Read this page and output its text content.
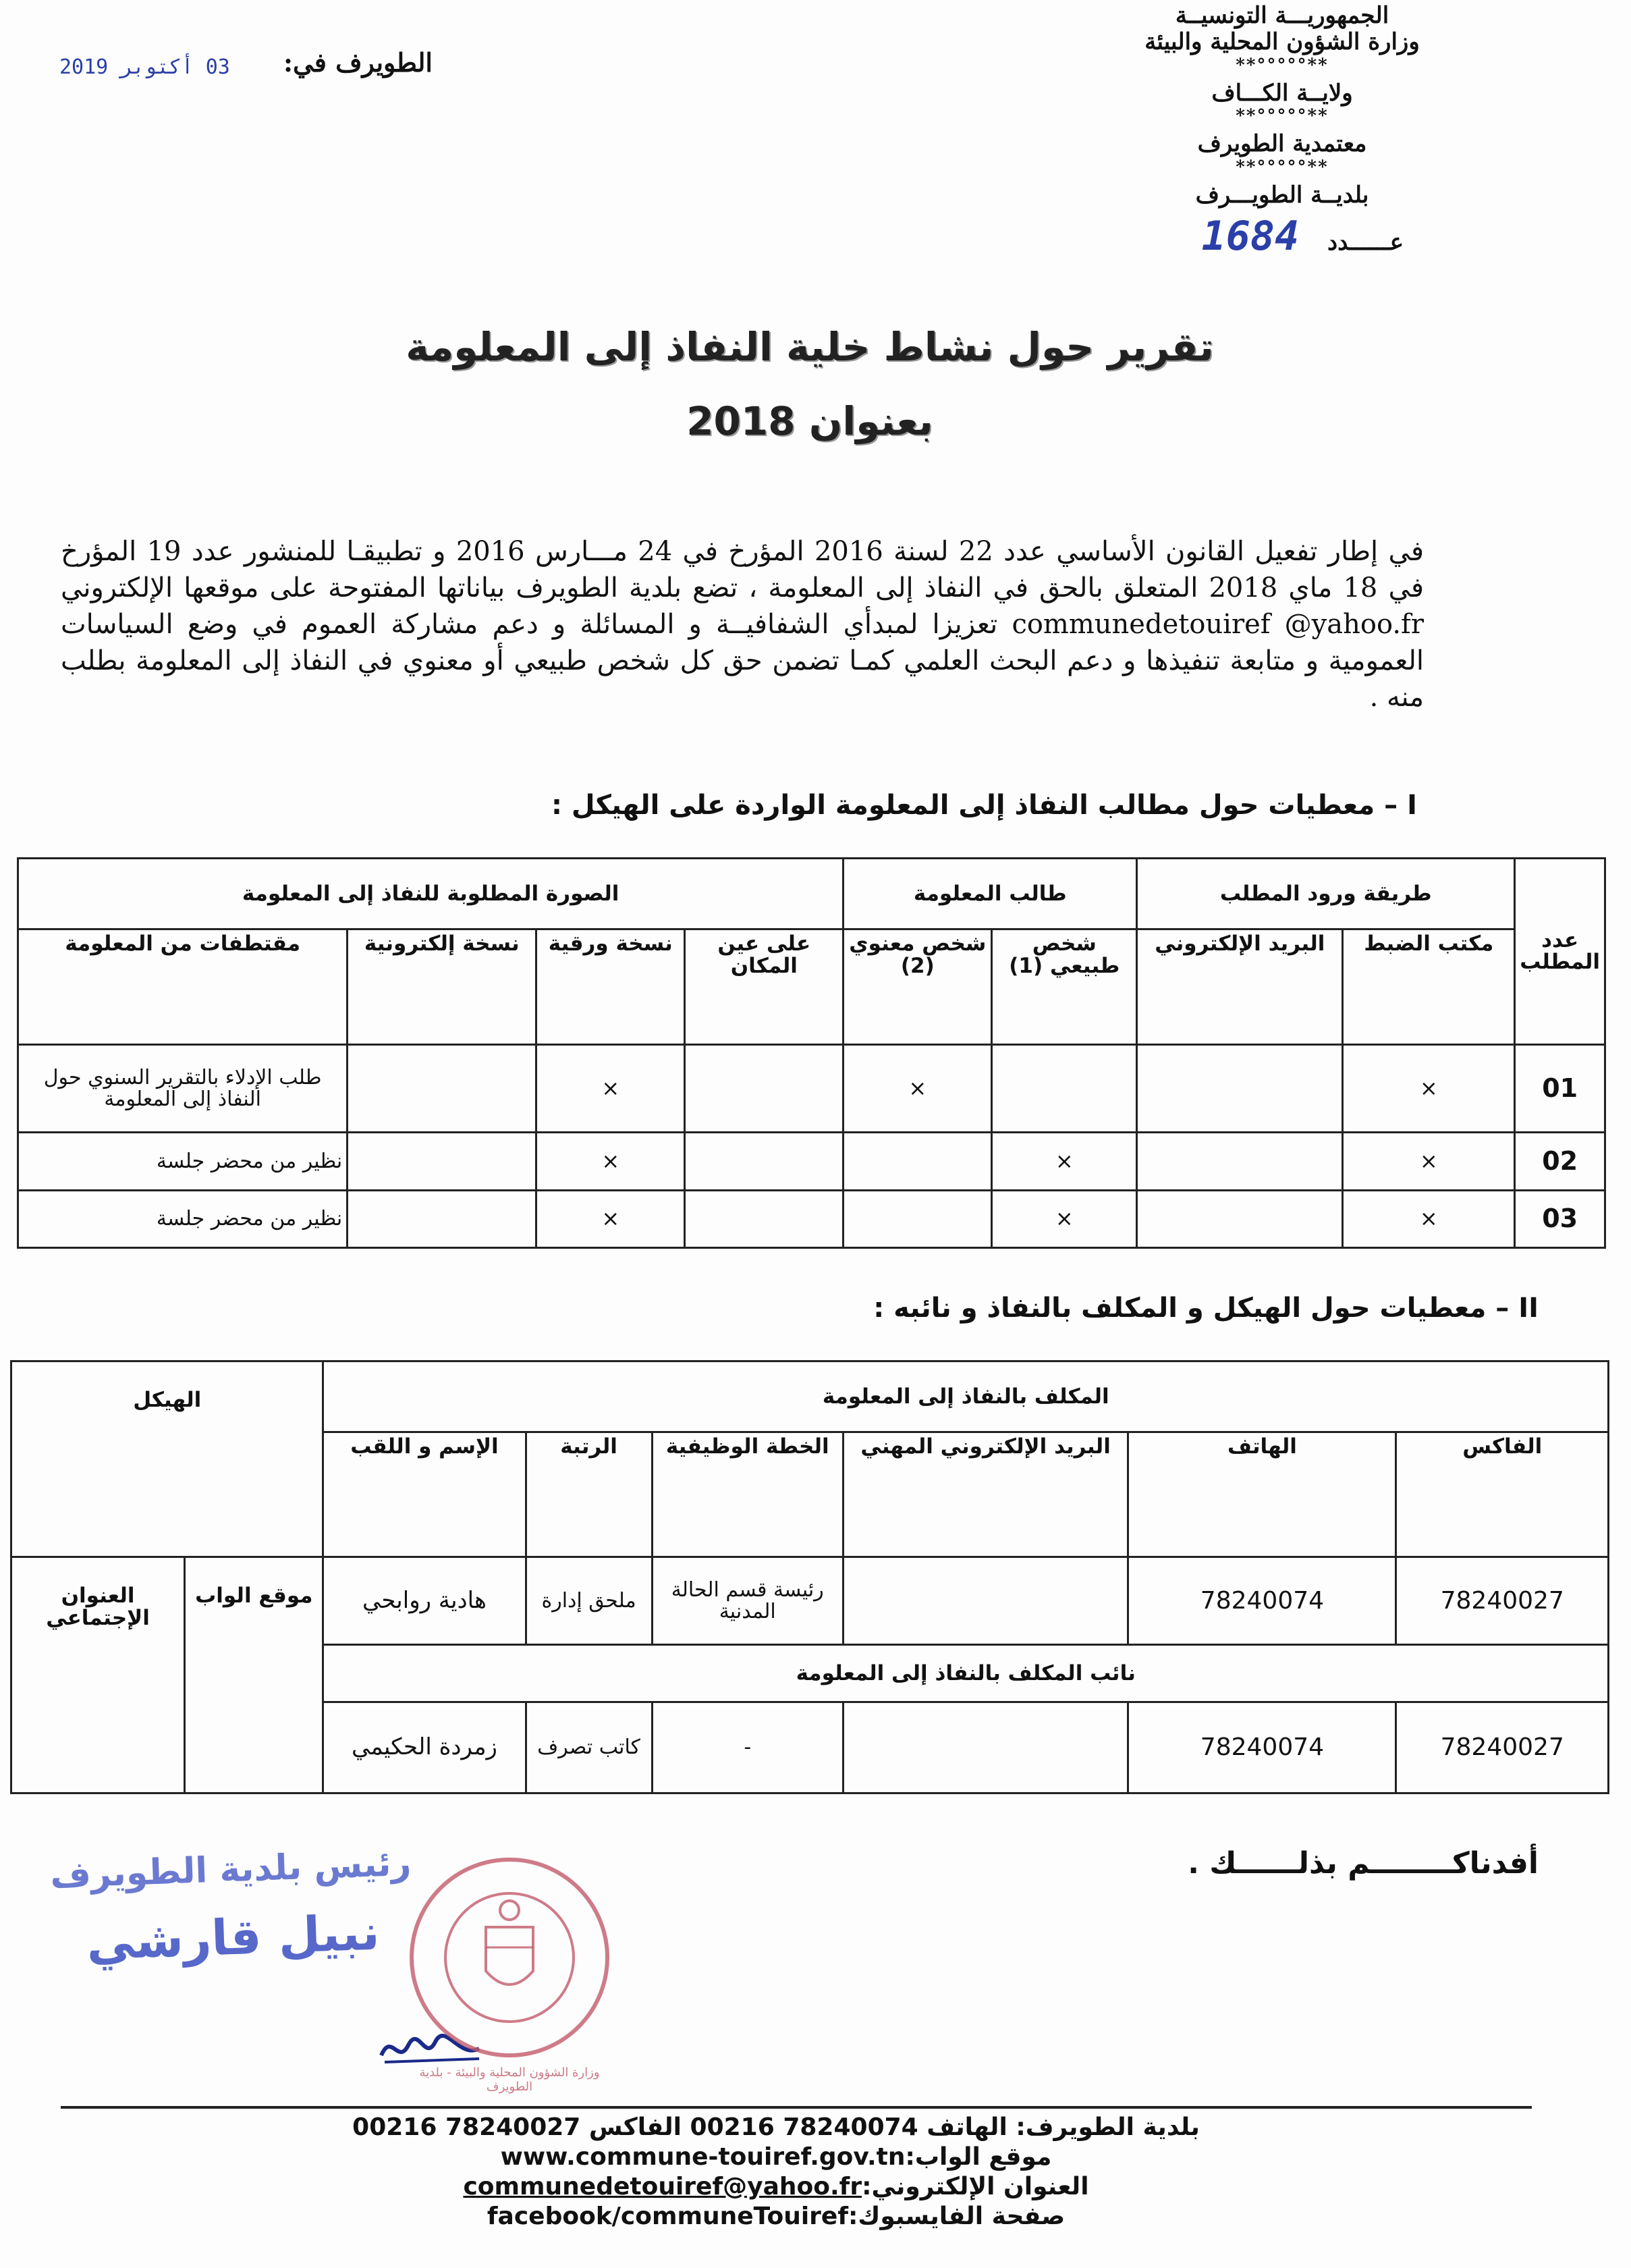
الجمهوريـــة التونسيــة
وزارة الشؤون المحلية والبيئة
**°°°°°**
ولايــة الكـــاف
**°°°°°**
معتمدية الطويرف
**°°°°°**
بلديــة الطويـــرف
عــــــدد 1684
03 أكتوبر 2019 الطويرف في:
تقرير حول نشاط خلية النفاذ إلى المعلومة
بعنوان 2018
في إطار تفعيل القانون الأساسي عدد 22 لسنة 2016 المؤرخ في 24 مـــارس 2016 و تطبيقـا للمنشور عدد 19 المؤرخ في 18 ماي 2018 المتعلق بالحق في النفاذ إلى المعلومة ، تضع بلدية الطويرف بياناتها المفتوحة على موقعها الإلكتروني communedetouiref @yahoo.fr تعزيزا لمبدأي الشفافيــة و المسائلة و دعم مشاركة العموم في وضع السياسات العمومية و متابعة تنفيذها و دعم البحث العلمي كمـا تضمن حق كل شخص طبيعي أو معنوي في النفاذ إلى المعلومة بطلب منه .
I – معطيات حول مطالب النفاذ إلى المعلومة الواردة على الهيكل :
عدد المطلب	طريقة ورود المطلب		طالب المعلومة		الصورة المطلوبة للنفاذ إلى المعلومة			
	مكتب الضبط	البريد الإلكتروني	شخص طبيعي (1)	شخص معنوي (2)	على عين المكان	نسخة ورقية	نسخة إلكترونية	مقتطفات من المعلومة
01	×			×		×		طلب الإدلاء بالتقرير السنوي حول النفاذ إلى المعلومة
02	×		×			×		نظير من محضر جلسة
03	×		×			×		نظير من محضر جلسة
II – معطيات حول الهيكل و المكلف بالنفاذ و نائبه :
المكلف بالنفاذ إلى المعلومة						الهيكل	
الفاكس	الهاتف	البريد الإلكتروني المهني	الخطة الوظيفية	الرتبة	الإسم و اللقب		
78240027	78240074		رئيسة قسم الحالة المدنية	ملحق إدارة	هادية روابحي	موقع الواب	العنوان الإجتماعي
نائب المكلف بالنفاذ إلى المعلومة							
78240027	78240074		-	كاتب تصرف	زمردة الحكيمي		
أفدناكــــــــم بذلــــــك .
رئيس بلدية الطويرف
نبيل قارشي
وزارة الشؤون المحلية والبيئة - بلدية الطويرف
بلدية الطويرف: الهاتف 78240074 00216 الفاكس 78240027 00216
موقع الواب:www.commune-touiref.gov.tn
العنوان الإلكتروني:communedetouiref@yahoo.fr
صفحة الفايسبوك:facebook/communeTouiref
